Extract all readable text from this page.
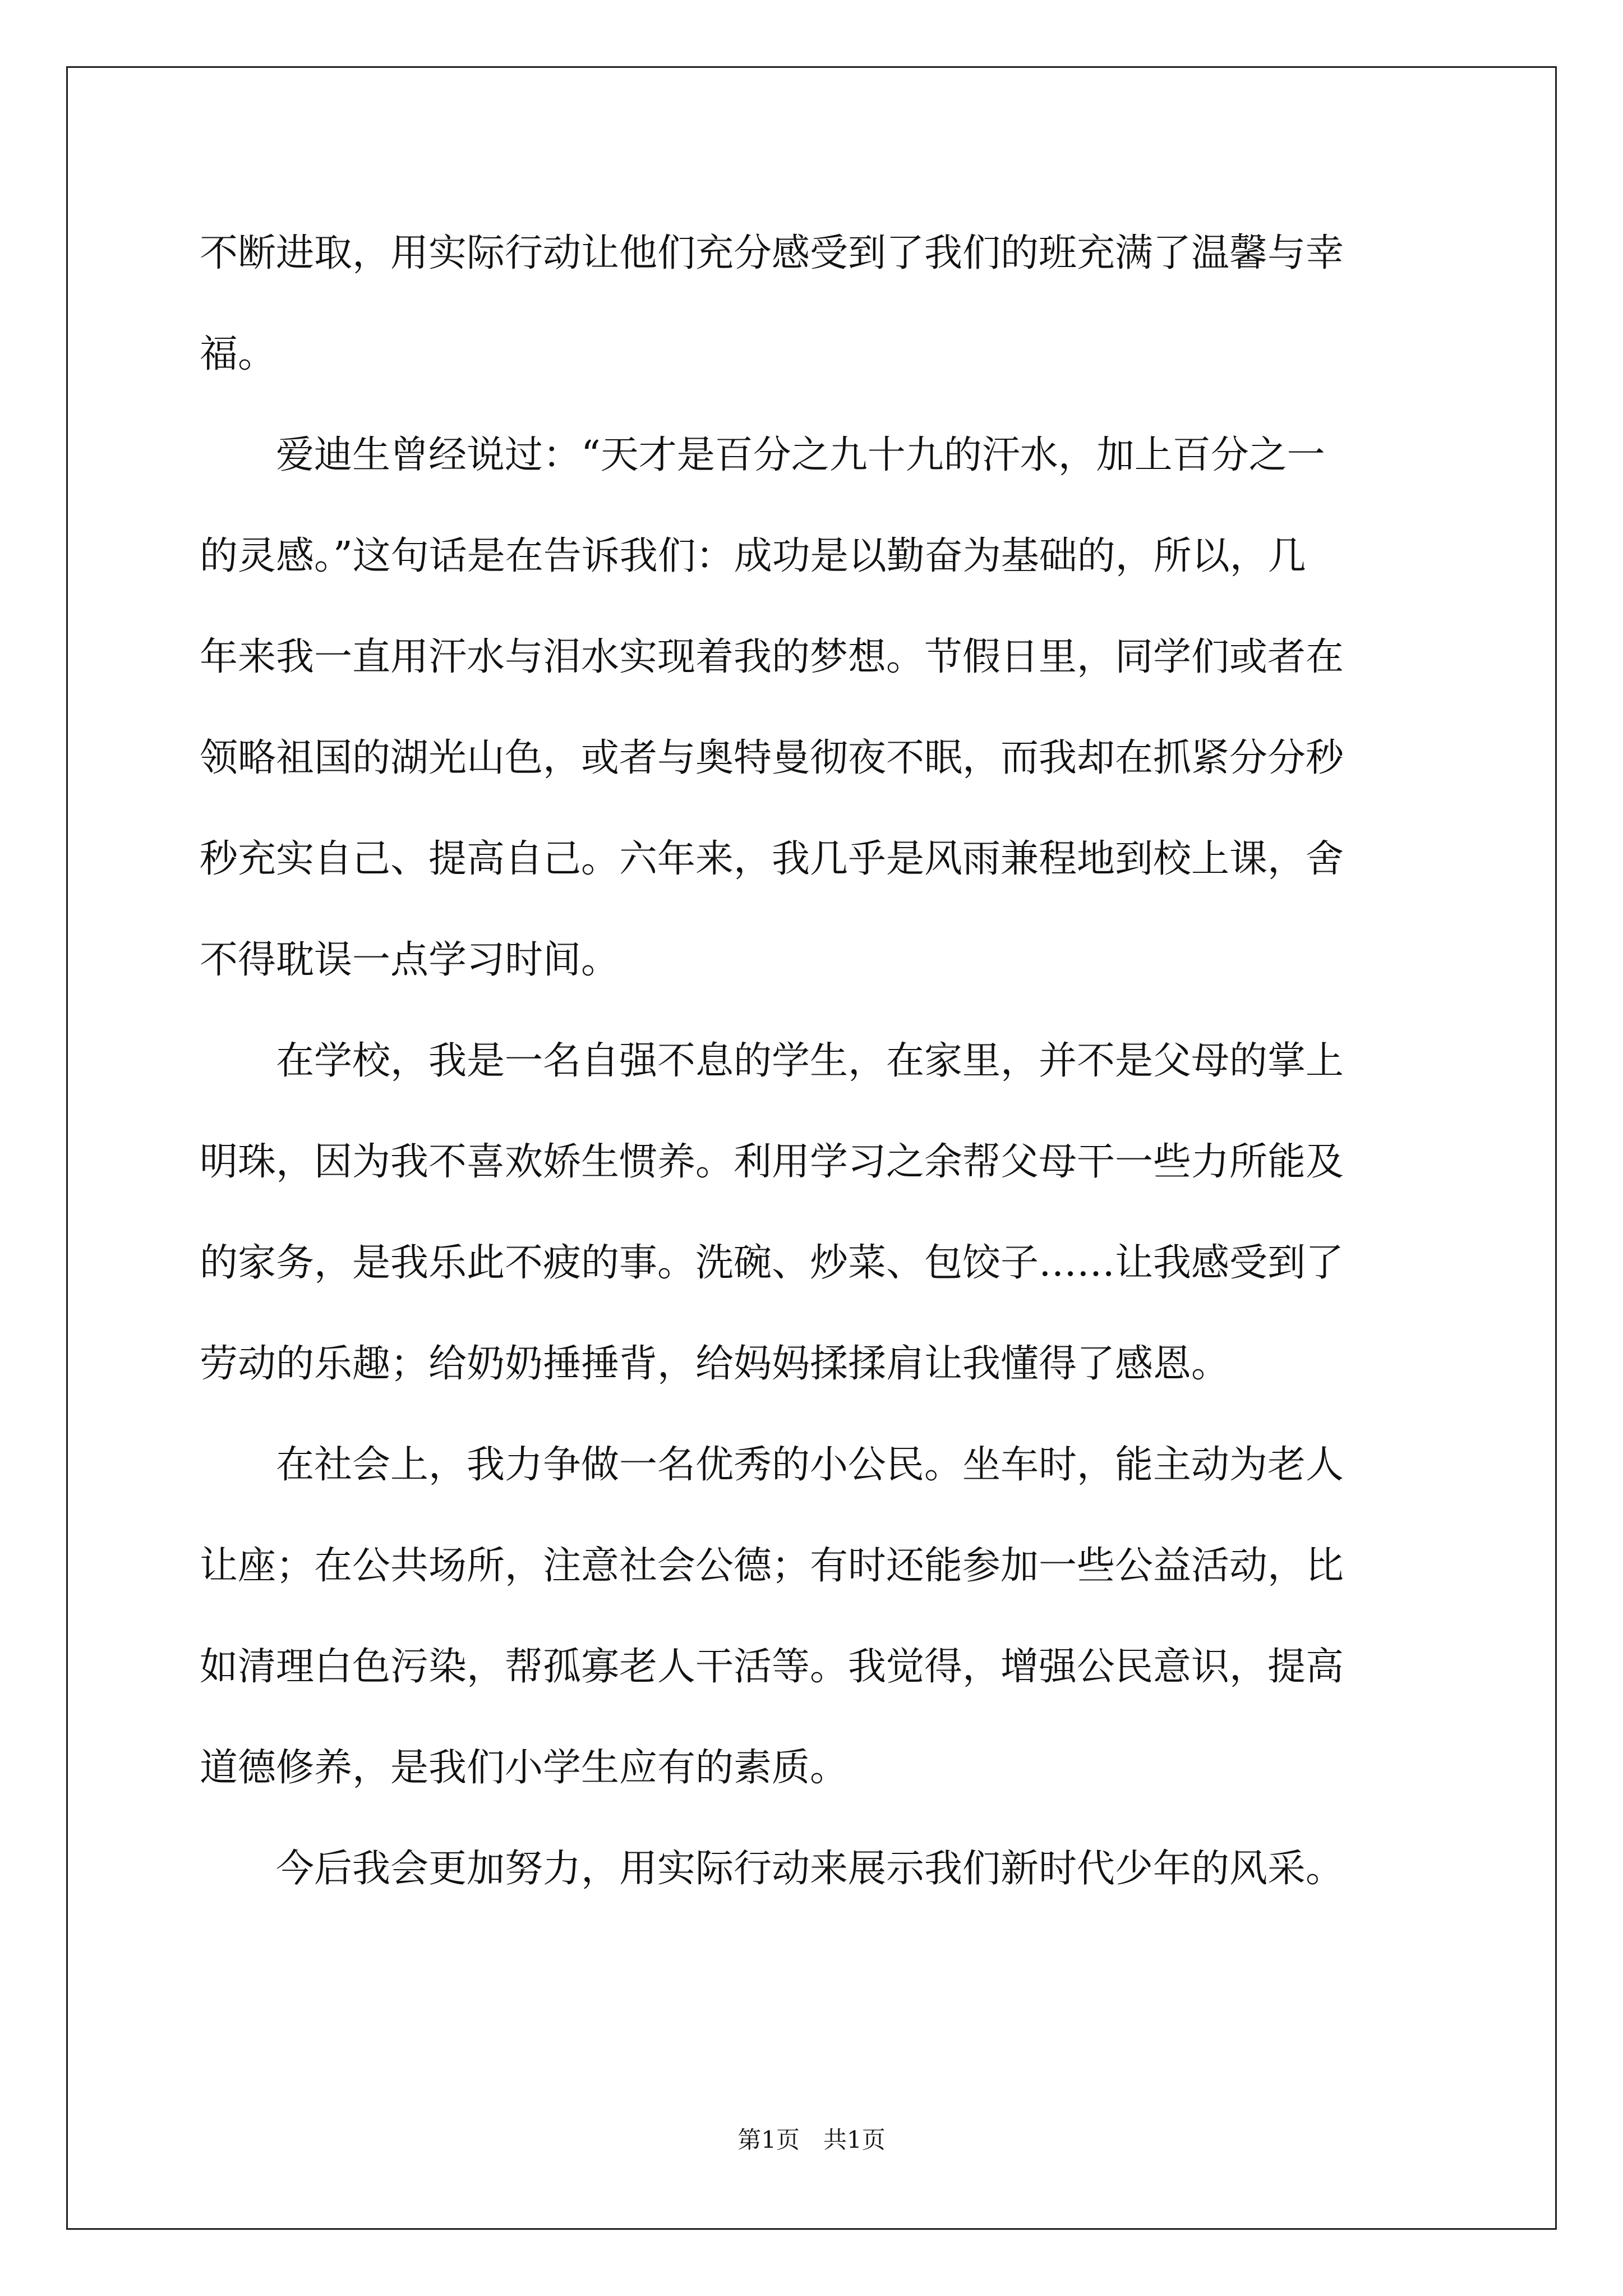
不断进取，用实际行动让他们充分感受到了我们的班充满了温馨与幸
福。
　　爱迪生曾经说过：“天才是百分之九十九的汗水，加上百分之一
的灵感。”这句话是在告诉我们：成功是以勤奋为基础的，所以，几
年来我一直用汗水与泪水实现着我的梦想。节假日里，同学们或者在
领略祖国的湖光山色，或者与奥特曼彻夜不眠，而我却在抓紧分分秒
秒充实自己、提高自己。六年来，我几乎是风雨兼程地到校上课，舍
不得耽误一点学习时间。
　　在学校，我是一名自强不息的学生，在家里，并不是父母的掌上
明珠，因为我不喜欢娇生惯养。利用学习之余帮父母干一些力所能及
的家务，是我乐此不疲的事。洗碗、炒菜、包饺子……让我感受到了
劳动的乐趣；给奶奶捶捶背，给妈妈揉揉肩让我懂得了感恩。
　　在社会上，我力争做一名优秀的小公民。坐车时，能主动为老人
让座；在公共场所，注意社会公德；有时还能参加一些公益活动，比
如清理白色污染，帮孤寡老人干活等。我觉得，增强公民意识，提高
道德修养，是我们小学生应有的素质。
　　今后我会更加努力，用实际行动来展示我们新时代少年的风采。
第1页　共1页
